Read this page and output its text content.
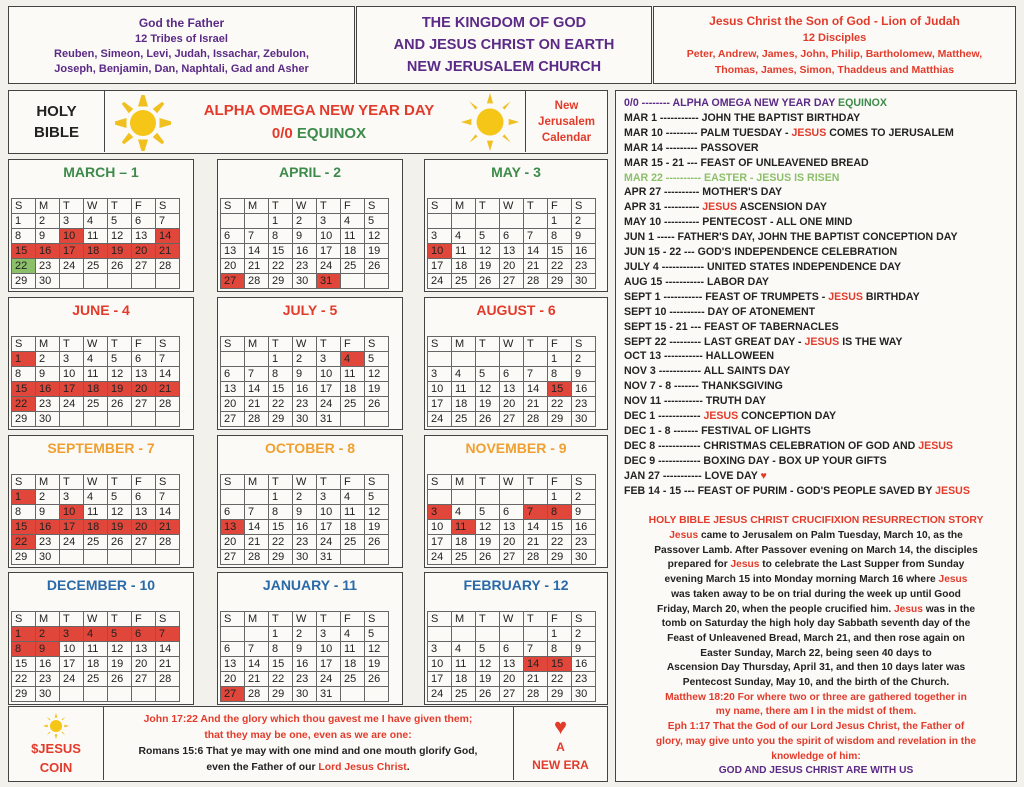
God the Father
12 Tribes of Israel
Reuben, Simeon, Levi, Judah, Issachar, Zebulon,
Joseph, Benjamin, Dan, Naphtali, Gad and Asher
THE KINGDOM OF GOD
AND JESUS CHRIST ON EARTH
NEW JERUSALEM CHURCH
Jesus Christ the Son of God - Lion of Judah
12 Disciples
Peter, Andrew, James, John, Philip, Bartholomew, Matthew,
Thomas, James, Simon, Thaddeus and Matthias
HOLY
BIBLE
ALPHA OMEGA NEW YEAR DAY
0/0 EQUINOX
New
Jerusalem
Calendar
MARCH – 1
S	M	T	W	T	F	S
1	2	3	4	5	6	7
8	9	10	11	12	13	14
15	16	17	18	19	20	21
22	23	24	25	26	27	28
29	30					
APRIL - 2
S	M	T	W	T	F	S
		1	2	3	4	5
6	7	8	9	10	11	12
13	14	15	16	17	18	19
20	21	22	23	24	25	26
27	28	29	30	31		
MAY - 3
S	M	T	W	T	F	S
					1	2
3	4	5	6	7	8	9
10	11	12	13	14	15	16
17	18	19	20	21	22	23
24	25	26	27	28	29	30
JUNE - 4
S	M	T	W	T	F	S
1	2	3	4	5	6	7
8	9	10	11	12	13	14
15	16	17	18	19	20	21
22	23	24	25	26	27	28
29	30					
JULY - 5
S	M	T	W	T	F	S
		1	2	3	4	5
6	7	8	9	10	11	12
13	14	15	16	17	18	19
20	21	22	23	24	25	26
27	28	29	30	31		
AUGUST - 6
S	M	T	W	T	F	S
					1	2
3	4	5	6	7	8	9
10	11	12	13	14	15	16
17	18	19	20	21	22	23
24	25	26	27	28	29	30
SEPTEMBER - 7
S	M	T	W	T	F	S
1	2	3	4	5	6	7
8	9	10	11	12	13	14
15	16	17	18	19	20	21
22	23	24	25	26	27	28
29	30					
OCTOBER - 8
S	M	T	W	T	F	S
		1	2	3	4	5
6	7	8	9	10	11	12
13	14	15	16	17	18	19
20	21	22	23	24	25	26
27	28	29	30	31		
NOVEMBER - 9
S	M	T	W	T	F	S
					1	2
3	4	5	6	7	8	9
10	11	12	13	14	15	16
17	18	19	20	21	22	23
24	25	26	27	28	29	30
DECEMBER - 10
S	M	T	W	T	F	S
1	2	3	4	5	6	7
8	9	10	11	12	13	14
15	16	17	18	19	20	21
22	23	24	25	26	27	28
29	30					
JANUARY - 11
S	M	T	W	T	F	S
		1	2	3	4	5
6	7	8	9	10	11	12
13	14	15	16	17	18	19
20	21	22	23	24	25	26
27	28	29	30	31		
FEBRUARY - 12
S	M	T	W	T	F	S
					1	2
3	4	5	6	7	8	9
10	11	12	13	14	15	16
17	18	19	20	21	22	23
24	25	26	27	28	29	30
0/0 -------- ALPHA OMEGA NEW YEAR DAY EQUINOX
MAR 1 ----------- JOHN THE BAPTIST BIRTHDAY
MAR 10 --------- PALM TUESDAY - JESUS COMES TO JERUSALEM
MAR 14 --------- PASSOVER
MAR 15 - 21 --- FEAST OF UNLEAVENED BREAD
MAR 22 ---------- EASTER - JESUS IS RISEN
APR 27 ---------- MOTHER'S DAY
APR 31 ---------- JESUS ASCENSION DAY
MAY 10 ---------- PENTECOST - ALL ONE MIND
JUN 1 ----- FATHER'S DAY, JOHN THE BAPTIST CONCEPTION DAY
JUN 15 - 22 --- GOD'S INDEPENDENCE CELEBRATION
JULY 4 ------------ UNITED STATES INDEPENDENCE DAY
AUG 15 ----------- LABOR DAY
SEPT 1 ----------- FEAST OF TRUMPETS - JESUS BIRTHDAY
SEPT 10 ---------- DAY OF ATONEMENT
SEPT 15 - 21 --- FEAST OF TABERNACLES
SEPT 22 --------- LAST GREAT DAY - JESUS IS THE WAY
OCT 13 ----------- HALLOWEEN
NOV 3 ------------ ALL SAINTS DAY
NOV 7 - 8 ------- THANKSGIVING
NOV 11 ----------- TRUTH DAY
DEC 1 ------------ JESUS CONCEPTION DAY
DEC 1 - 8 ------- FESTIVAL OF LIGHTS
DEC 8 ------------ CHRISTMAS CELEBRATION OF GOD AND JESUS
DEC 9 ------------ BOXING DAY - BOX UP YOUR GIFTS
JAN 27 ----------- LOVE DAY ♥
FEB 14 - 15 --- FEAST OF PURIM - GOD'S PEOPLE SAVED BY JESUS
HOLY BIBLE JESUS CHRIST CRUCIFIXION RESURRECTION STORY
Jesus came to Jerusalem on Palm Tuesday, March 10, as the
Passover Lamb. After Passover evening on March 14, the disciples
prepared for Jesus to celebrate the Last Supper from Sunday
evening March 15 into Monday morning March 16 where Jesus
was taken away to be on trial during the week up until Good
Friday, March 20, when the people crucified him. Jesus was in the
tomb on Saturday the high holy day Sabbath seventh day of the
Feast of Unleavened Bread, March 21, and then rose again on
Easter Sunday, March 22, being seen 40 days to
Ascension Day Thursday, April 31, and then 10 days later was
Pentecost Sunday, May 10, and the birth of the Church.
Matthew 18:20 For where two or three are gathered together in
my name, there am I in the midst of them.
Eph 1:17 That the God of our Lord Jesus Christ, the Father of
glory, may give unto you the spirit of wisdom and revelation in the
knowledge of him:
GOD AND JESUS CHRIST ARE WITH US
$JESUS
COIN
John 17:22 And the glory which thou gavest me I have given them;
that they may be one, even as we are one:
Romans 15:6 That ye may with one mind and one mouth glorify God,
even the Father of our Lord Jesus Christ.
♥
A
NEW ERA
